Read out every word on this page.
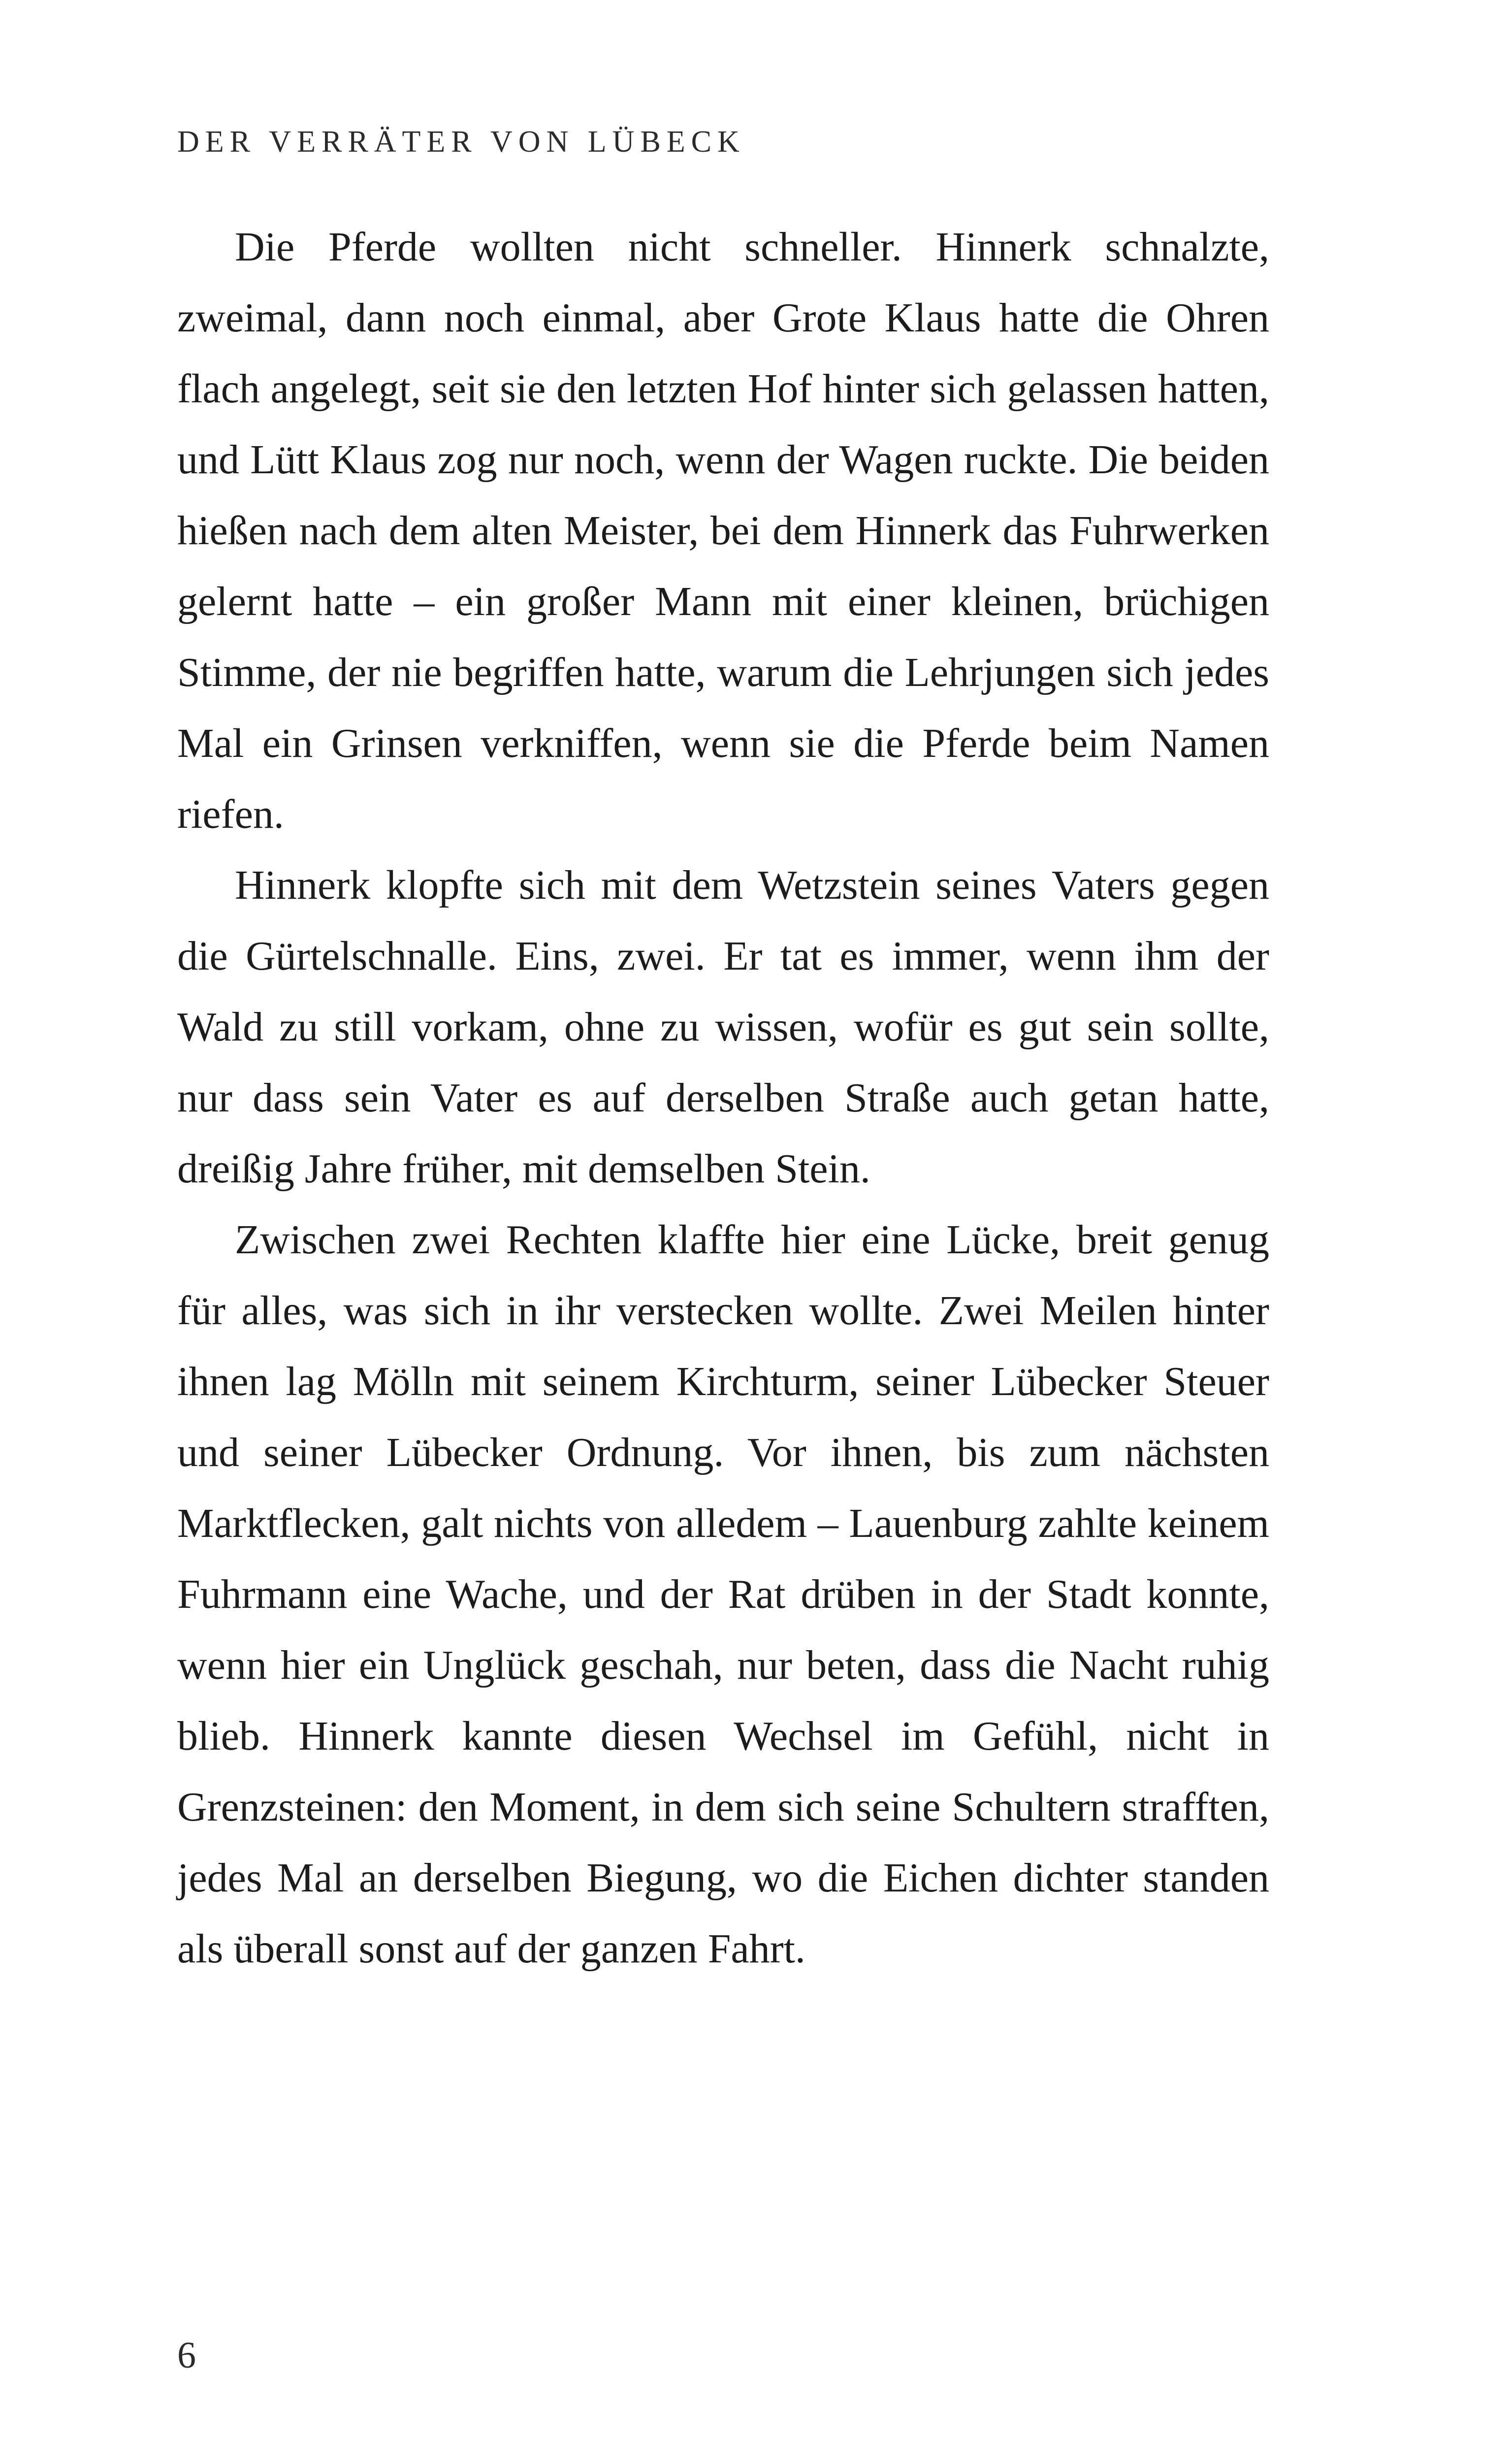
DER VERRÄTER VON LÜBECK

Die Pferde wollten nicht schneller. Hinnerk schnalzte, zweimal, dann noch einmal, aber Grote Klaus hatte die Ohren flach angelegt, seit sie den letzten Hof hinter sich gelassen hatten, und Lütt Klaus zog nur noch, wenn der Wagen ruckte. Die beiden hießen nach dem alten Meister, bei dem Hinnerk das Fuhrwerken gelernt hatte – ein großer Mann mit einer kleinen, brüchigen Stimme, der nie begriffen hatte, warum die Lehrjungen sich jedes Mal ein Grinsen verkniffen, wenn sie die Pferde beim Namen riefen.

Hinnerk klopfte sich mit dem Wetzstein seines Vaters gegen die Gürtelschnalle. Eins, zwei. Er tat es immer, wenn ihm der Wald zu still vorkam, ohne zu wissen, wofür es gut sein sollte, nur dass sein Vater es auf derselben Straße auch getan hatte, dreißig Jahre früher, mit demselben Stein.

Zwischen zwei Rechten klaffte hier eine Lücke, breit genug für alles, was sich in ihr verstecken wollte. Zwei Meilen hinter ihnen lag Mölln mit seinem Kirchturm, seiner Lübecker Steuer und seiner Lübecker Ordnung. Vor ihnen, bis zum nächsten Marktflecken, galt nichts von alledem – Lauenburg zahlte keinem Fuhrmann eine Wache, und der Rat drüben in der Stadt konnte, wenn hier ein Unglück geschah, nur beten, dass die Nacht ruhig blieb. Hinnerk kannte diesen Wechsel im Gefühl, nicht in Grenzsteinen: den Moment, in dem sich seine Schultern strafften, jedes Mal an derselben Biegung, wo die Eichen dichter standen als überall sonst auf der ganzen Fahrt.

6
